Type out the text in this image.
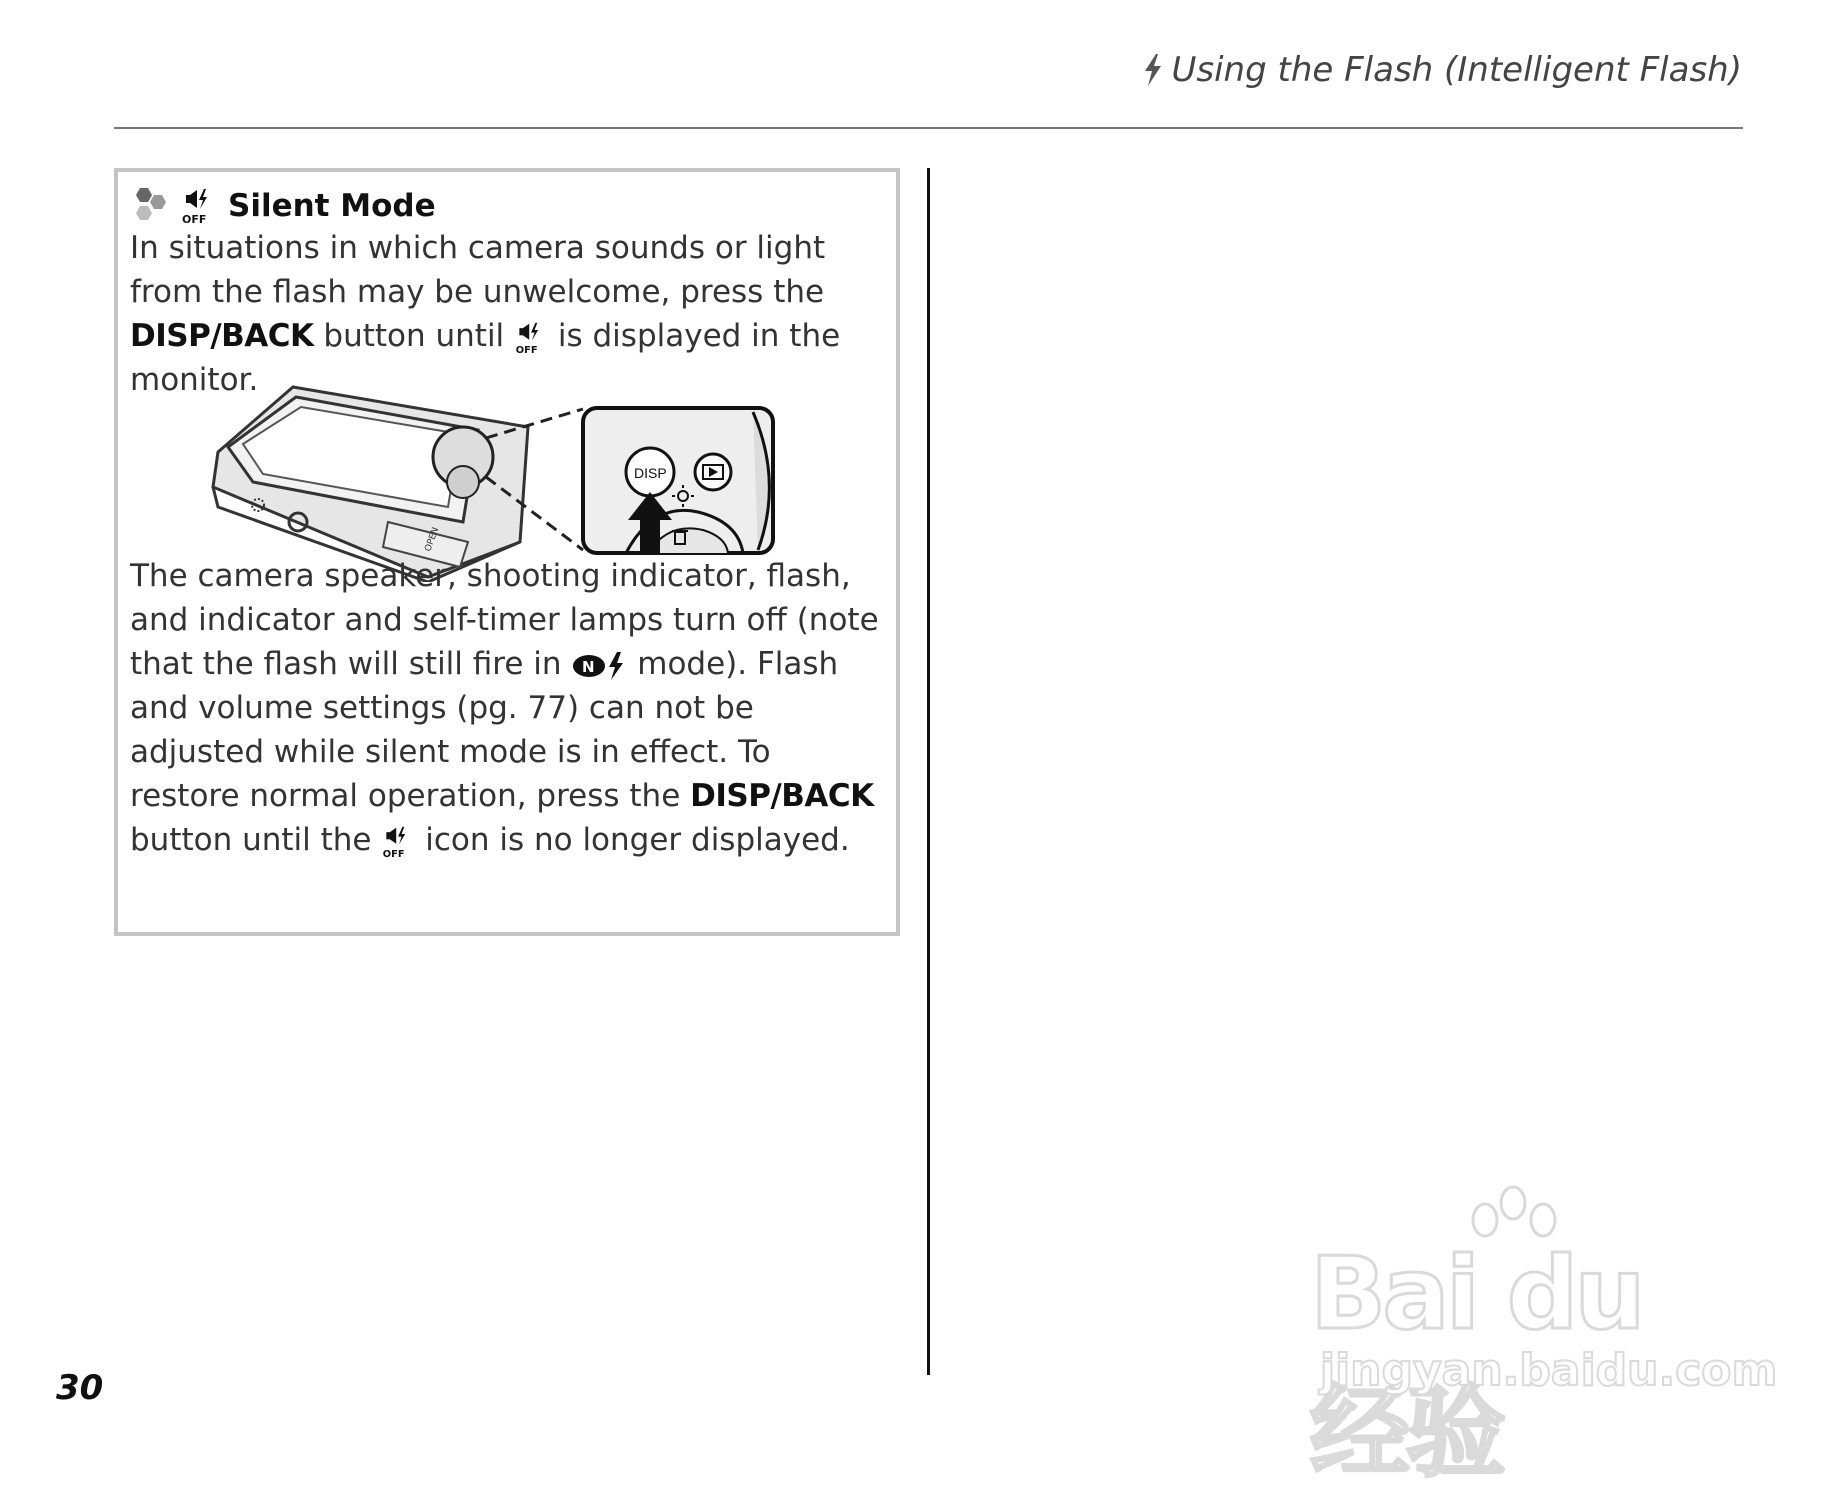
Using the Flash (Intelligent Flash)
OFF Silent Mode
In situations in which camera sounds or light from the flash may be unwelcome, press the DISP/BACK button until OFF is displayed in the monitor.
OPEN
DISP
The camera speaker, shooting indicator, flash, and indicator and self-timer lamps turn off (note that the flash will still fire in N mode). Flash and volume settings (pg. 77) can not be adjusted while silent mode is in effect. To restore normal operation, press the DISP/BACK button until the OFF icon is no longer displayed.
30
Bai du 经验
jingyan.baidu.com
